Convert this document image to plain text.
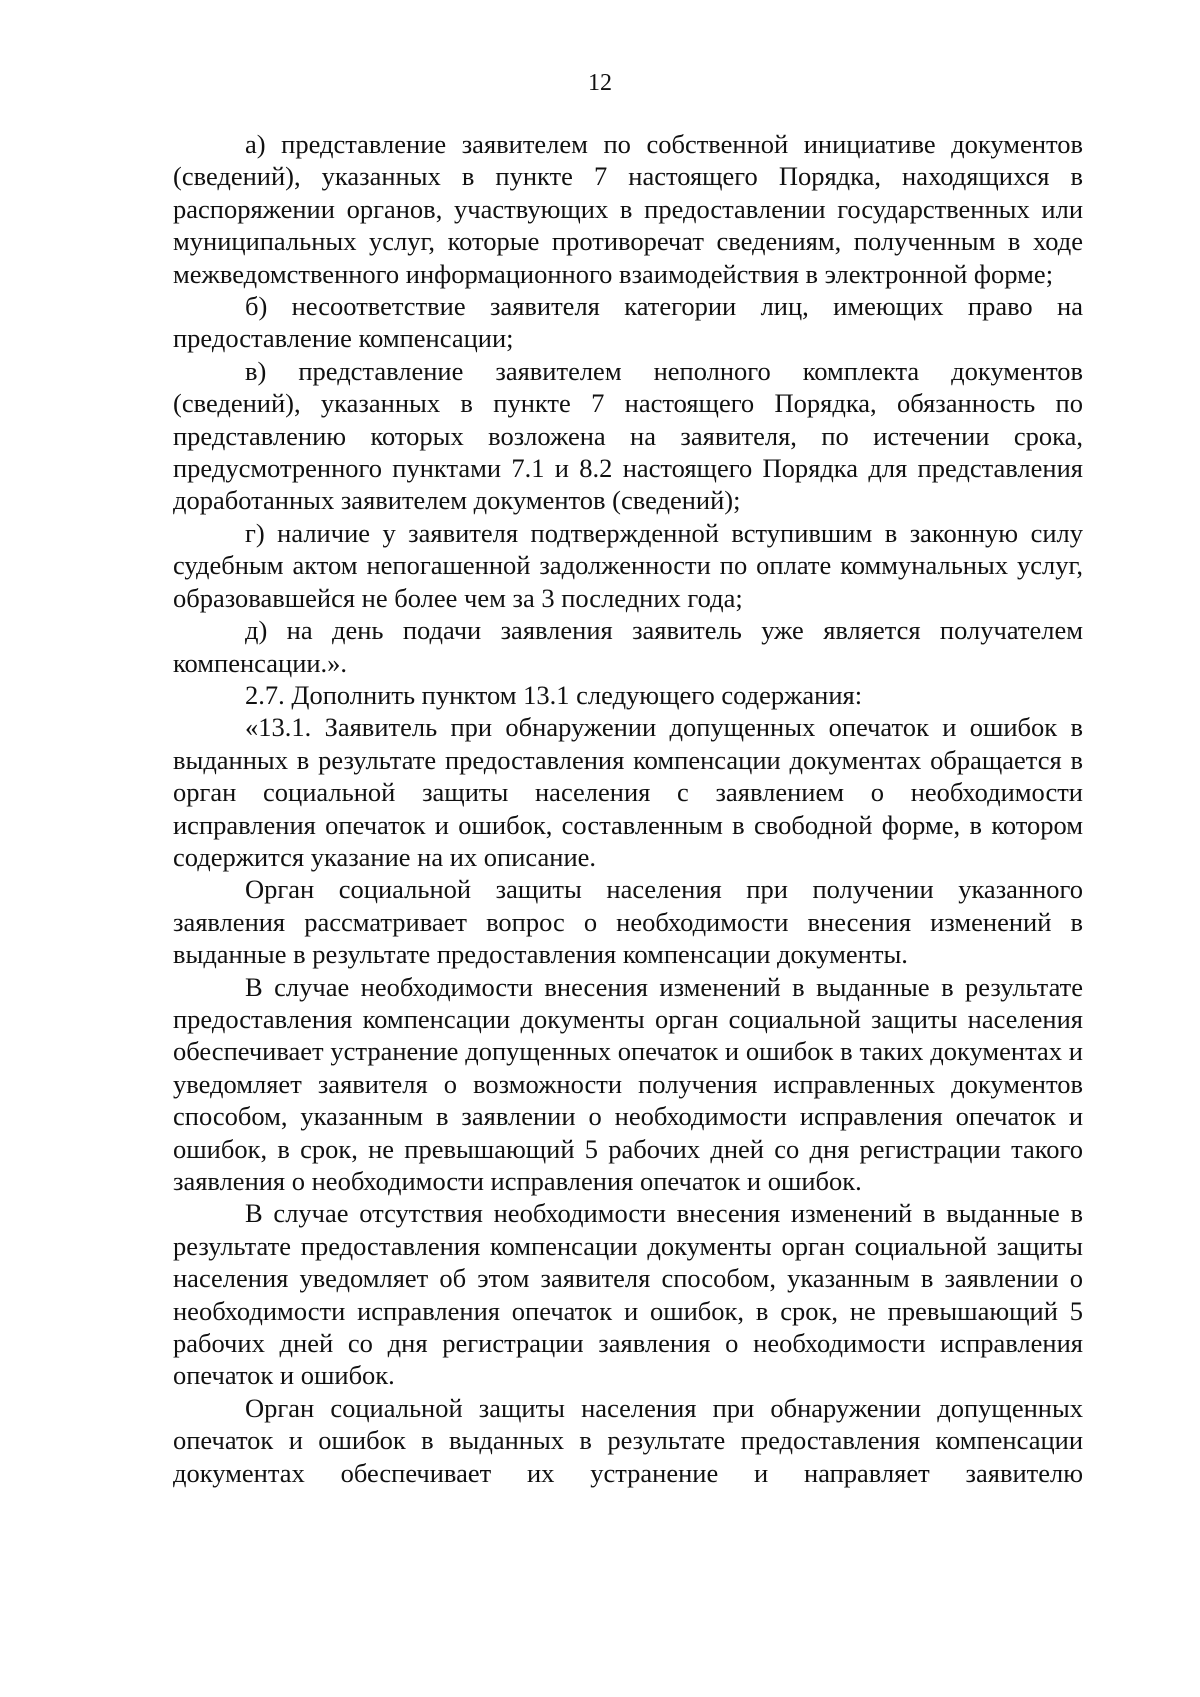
12

а) представление заявителем по собственной инициативе документов (сведений), указанных в пункте 7 настоящего Порядка, находящихся в распоряжении органов, участвующих в предоставлении государственных или муниципальных услуг, которые противоречат сведениям, полученным в ходе межведомственного информационного взаимодействия в электронной форме;

б) несоответствие заявителя категории лиц, имеющих право на предоставление компенсации;

в) представление заявителем неполного комплекта документов (сведений), указанных в пункте 7 настоящего Порядка, обязанность по представлению которых возложена на заявителя, по истечении срока, предусмотренного пунктами 7.1 и 8.2 настоящего Порядка для представления доработанных заявителем документов (сведений);

г) наличие у заявителя подтвержденной вступившим в законную силу судебным актом непогашенной задолженности по оплате коммунальных услуг, образовавшейся не более чем за 3 последних года;

д) на день подачи заявления заявитель уже является получателем компенсации.».

2.7. Дополнить пунктом 13.1 следующего содержания:

«13.1. Заявитель при обнаружении допущенных опечаток и ошибок в выданных в результате предоставления компенсации документах обращается в орган социальной защиты населения с заявлением о необходимости исправления опечаток и ошибок, составленным в свободной форме, в котором содержится указание на их описание.

Орган социальной защиты населения при получении указанного заявления рассматривает вопрос о необходимости внесения изменений в выданные в результате предоставления компенсации документы.

В случае необходимости внесения изменений в выданные в результате предоставления компенсации документы орган социальной защиты населения обеспечивает устранение допущенных опечаток и ошибок в таких документах и уведомляет заявителя о возможности получения исправленных документов способом, указанным в заявлении о необходимости исправления опечаток и ошибок, в срок, не превышающий 5 рабочих дней со дня регистрации такого заявления о необходимости исправления опечаток и ошибок.

В случае отсутствия необходимости внесения изменений в выданные в результате предоставления компенсации документы орган социальной защиты населения уведомляет об этом заявителя способом, указанным в заявлении о необходимости исправления опечаток и ошибок, в срок, не превышающий 5 рабочих дней со дня регистрации заявления о необходимости исправления опечаток и ошибок.

Орган социальной защиты населения при обнаружении допущенных опечаток и ошибок в выданных в результате предоставления компенсации документах обеспечивает их устранение и направляет заявителю
